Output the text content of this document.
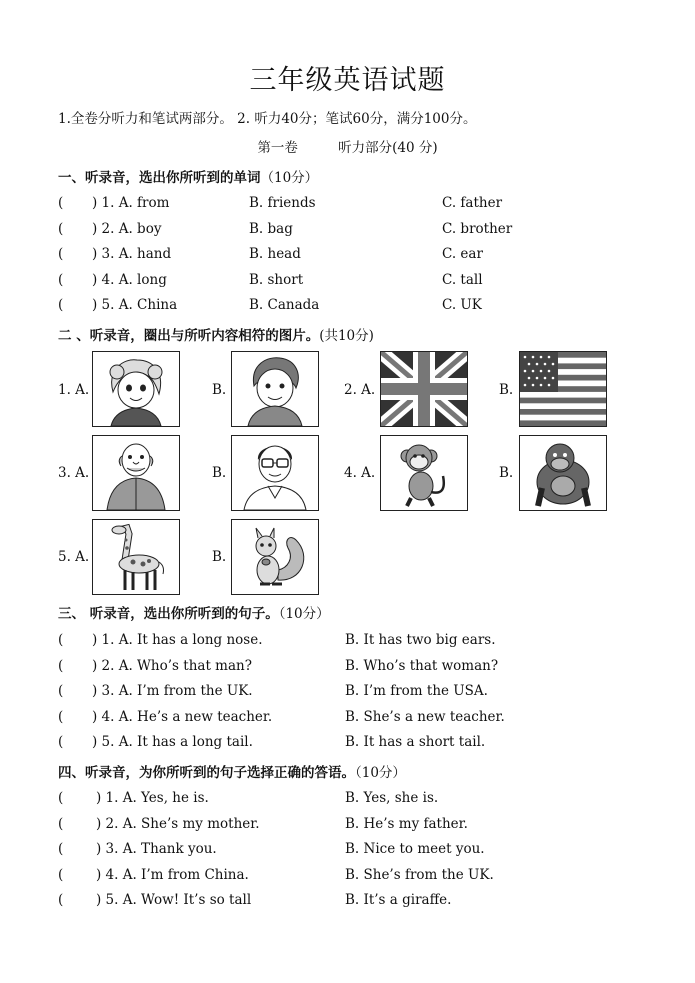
三年级英语试题
1.全卷分听力和笔试两部分。 2. 听力40分；笔试60分，满分100分。
第一卷	听力部分(40 分)
一、听录音，选出你所听到的单词（10分）
( ) 1. A. from	B. friends	C. father
( ) 2. A. boy	B. bag	C. brother
( ) 3. A. hand	B. head	C. ear
( ) 4. A. long	B. short	C. tall
( ) 5. A. China	B. Canada	C. UK
二 、听录音，圈出与所听内容相符的图片。(共10分)
1. A.	B.	2. A.	B.
3. A.	B.	4. A.	B.
5. A.	B.
三、 听录音，选出你所听到的句子。（10分）
( ) 1. A. It has a long nose.	B. It has two big ears.
( ) 2. A. Who’s that man?	B. Who’s that woman?
( ) 3. A. I’m from the UK.	B. I’m from the USA.
( ) 4. A. He’s a new teacher.	B. She’s a new teacher.
( ) 5. A. It has a long tail.	B. It has a short tail.
四、听录音，为你所听到的句子选择正确的答语。（10分）
( ) 1. A. Yes, he is.	B. Yes, she is.
( ) 2. A. She’s my mother.	B. He’s my father.
( ) 3. A. Thank you.	B. Nice to meet you.
( ) 4. A. I’m from China.	B. She’s from the UK.
( ) 5. A. Wow! It’s so tall	B. It’s a giraffe.
